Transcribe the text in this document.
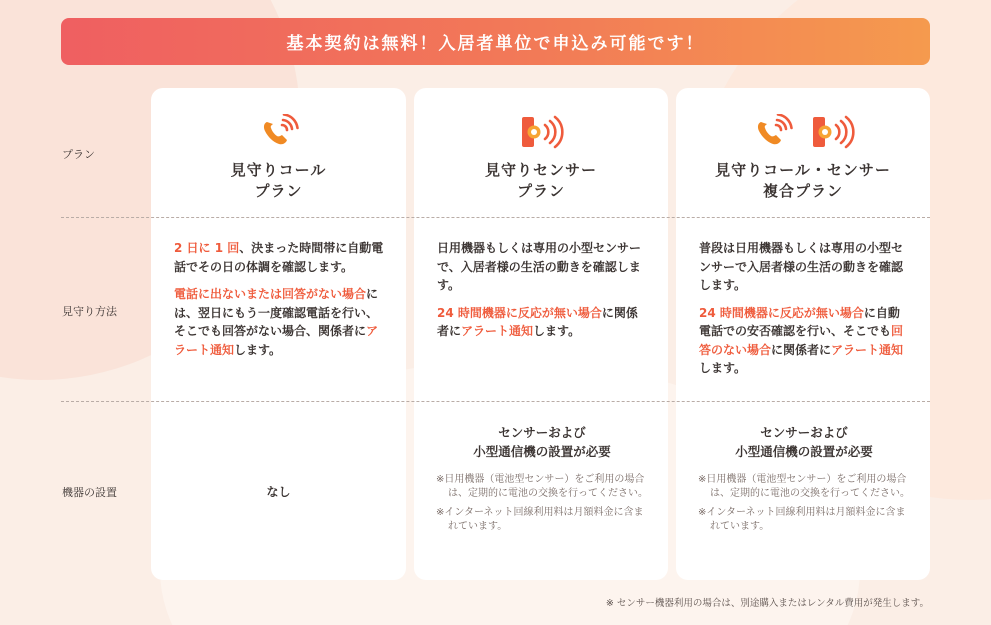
基本契約は無料！入居者単位で申込み可能です！
見守りコール
プラン

2 日に 1 回、決まった時間帯に自動電話でその日の体調を確認します。

電話に出ないまたは回答がない場合には、翌日にもう一度確認電話を行い、そこでも回答がない場合、関係者にアラート通知します。

見守りセンサー
プラン

日用機器もしくは専用の小型センサーで、入居者様の生活の動きを確認します。

24 時間機器に反応が無い場合に関係者にアラート通知します。

センサーおよび
小型通信機の設置が必要
※日用機器（電池型センサー）をご利用の場合は、定期的に電池の交換を行ってください。
※インターネット回線利用料は月額料金に含まれています。
見守りコール・センサー
複合プラン

普段は日用機器もしくは専用の小型センサーで入居者様の生活の動きを確認します。

24 時間機器に反応が無い場合に自動電話での安否確認を行い、そこでも回答のない場合に関係者にアラート通知します。

センサーおよび
小型通信機の設置が必要
※日用機器（電池型センサー）をご利用の場合は、定期的に電池の交換を行ってください。
※インターネット回線利用料は月額料金に含まれています。
なし
プラン
見守り方法
機器の設置
※ センサー機器利用の場合は、別途購入またはレンタル費用が発生します。
